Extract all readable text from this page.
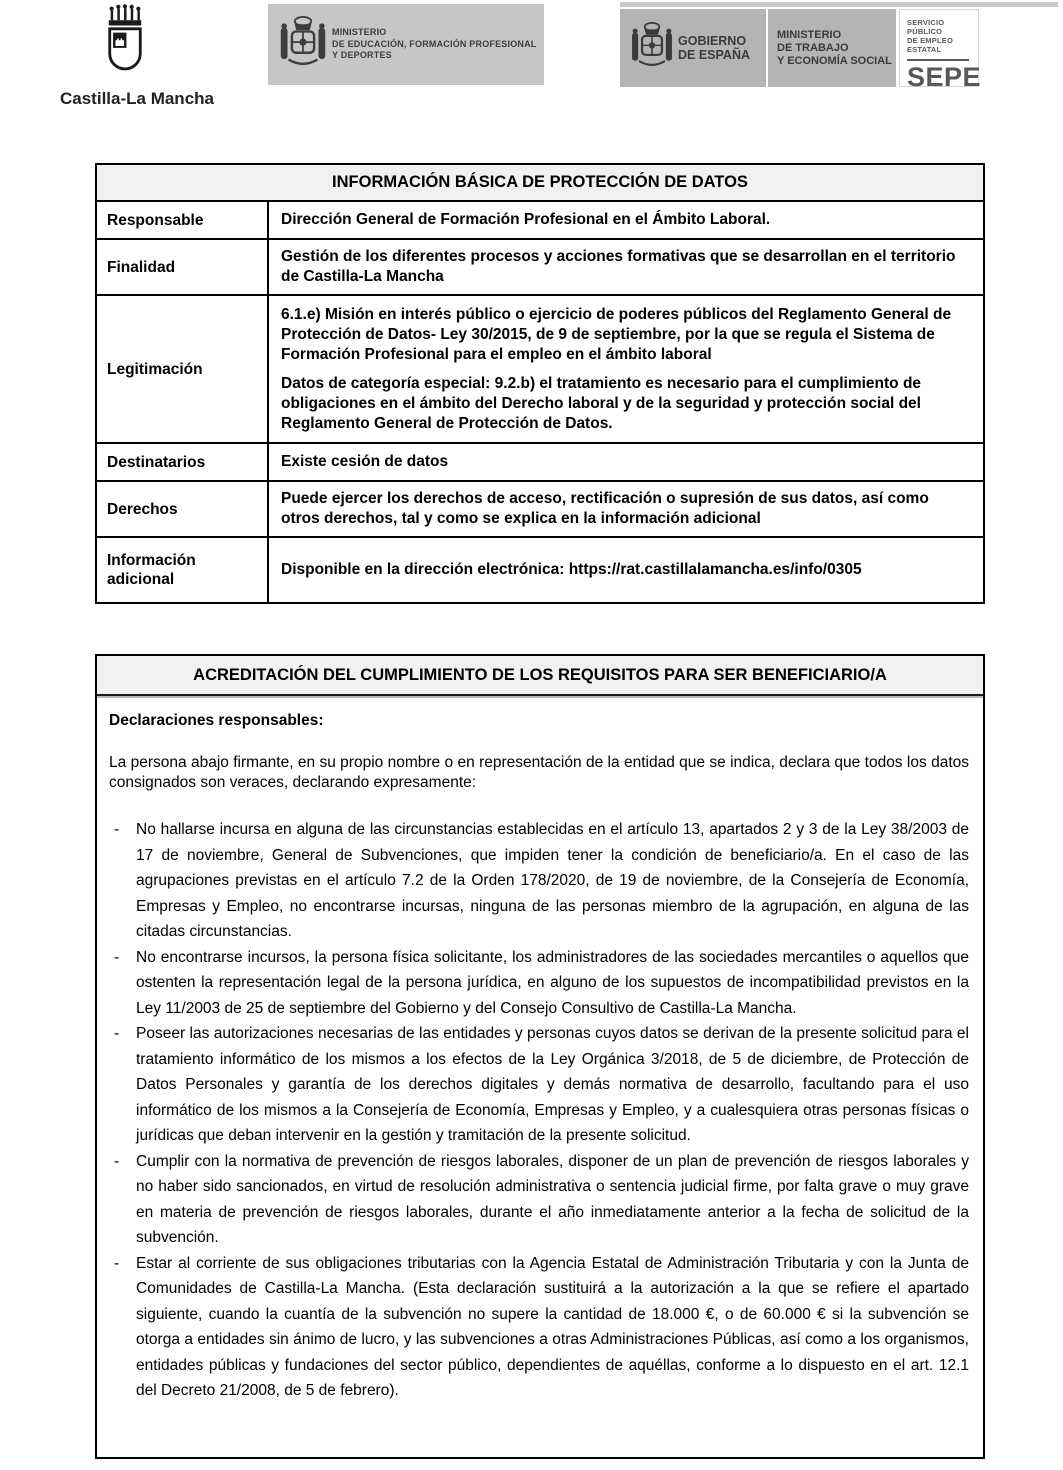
Castilla-La Mancha
MINISTERIO
DE EDUCACIÓN, FORMACIÓN PROFESIONAL
Y DEPORTES
GOBIERNO
DE ESPAÑA
MINISTERIO
DE TRABAJO
Y ECONOMÍA SOCIAL
SERVICIO PÚBLICO
DE EMPLEO ESTATAL
SEPE
INFORMACIÓN BÁSICA DE PROTECCIÓN DE DATOS
Responsable	Dirección General de Formación Profesional en el Ámbito Laboral.

Finalidad

Gestión de los diferentes procesos y acciones formativas que se desarrollan en el territorio de Castilla-La Mancha

Legitimación

6.1.e) Misión en interés público o ejercicio de poderes públicos del Reglamento General de Protección de Datos- Ley 30/2015, de 9 de septiembre, por la que se regula el Sistema de Formación Profesional para el empleo en el ámbito laboral

Datos de categoría especial: 9.2.b) el tratamiento es necesario para el cumplimiento de obligaciones en el ámbito del Derecho laboral y de la seguridad y protección social del Reglamento General de Protección de Datos.

Destinatarios	Existe cesión de datos

Derechos

Puede ejercer los derechos de acceso, rectificación o supresión de sus datos, así como otros derechos, tal y como se explica en la información adicional

Información adicional

Disponible en la dirección electrónica: https://rat.castillalamancha.es/info/0305

ACREDITACIÓN DEL CUMPLIMIENTO DE LOS REQUISITOS PARA SER BENEFICIARIO/A

Declaraciones responsables:

La persona abajo firmante, en su propio nombre o en representación de la entidad que se indica, declara que todos los datos consignados son veraces, declarando expresamente:

- No hallarse incursa en alguna de las circunstancias establecidas en el artículo 13, apartados 2 y 3 de la Ley 38/2003 de 17 de noviembre, General de Subvenciones, que impiden tener la condición de beneficiario/a. En el caso de las agrupaciones previstas en el artículo 7.2 de la Orden 178/2020, de 19 de noviembre, de la Consejería de Economía, Empresas y Empleo, no encontrarse incursas, ninguna de las personas miembro de la agrupación, en alguna de las citadas circunstancias.
- No encontrarse incursos, la persona física solicitante, los administradores de las sociedades mercantiles o aquellos que ostenten la representación legal de la persona jurídica, en alguno de los supuestos de incompatibilidad previstos en la Ley 11/2003 de 25 de septiembre del Gobierno y del Consejo Consultivo de Castilla-La Mancha.
- Poseer las autorizaciones necesarias de las entidades y personas cuyos datos se derivan de la presente solicitud para el tratamiento informático de los mismos a los efectos de la Ley Orgánica 3/2018, de 5 de diciembre, de Protección de Datos Personales y garantía de los derechos digitales y demás normativa de desarrollo, facultando para el uso informático de los mismos a la Consejería de Economía, Empresas y Empleo, y a cualesquiera otras personas físicas o jurídicas que deban intervenir en la gestión y tramitación de la presente solicitud.
- Cumplir con la normativa de prevención de riesgos laborales, disponer de un plan de prevención de riesgos laborales y no haber sido sancionados, en virtud de resolución administrativa o sentencia judicial firme, por falta grave o muy grave en materia de prevención de riesgos laborales, durante el año inmediatamente anterior a la fecha de solicitud de la subvención.
- Estar al corriente de sus obligaciones tributarias con la Agencia Estatal de Administración Tributaria y con la Junta de Comunidades de Castilla-La Mancha. (Esta declaración sustituirá a la autorización a la que se refiere el apartado siguiente, cuando la cuantía de la subvención no supere la cantidad de 18.000 €, o de 60.000 € si la subvención se otorga a entidades sin ánimo de lucro, y las subvenciones a otras Administraciones Públicas, así como a los organismos, entidades públicas y fundaciones del sector público, dependientes de aquéllas, conforme a lo dispuesto en el art. 12.1 del Decreto 21/2008, de 5 de febrero).
